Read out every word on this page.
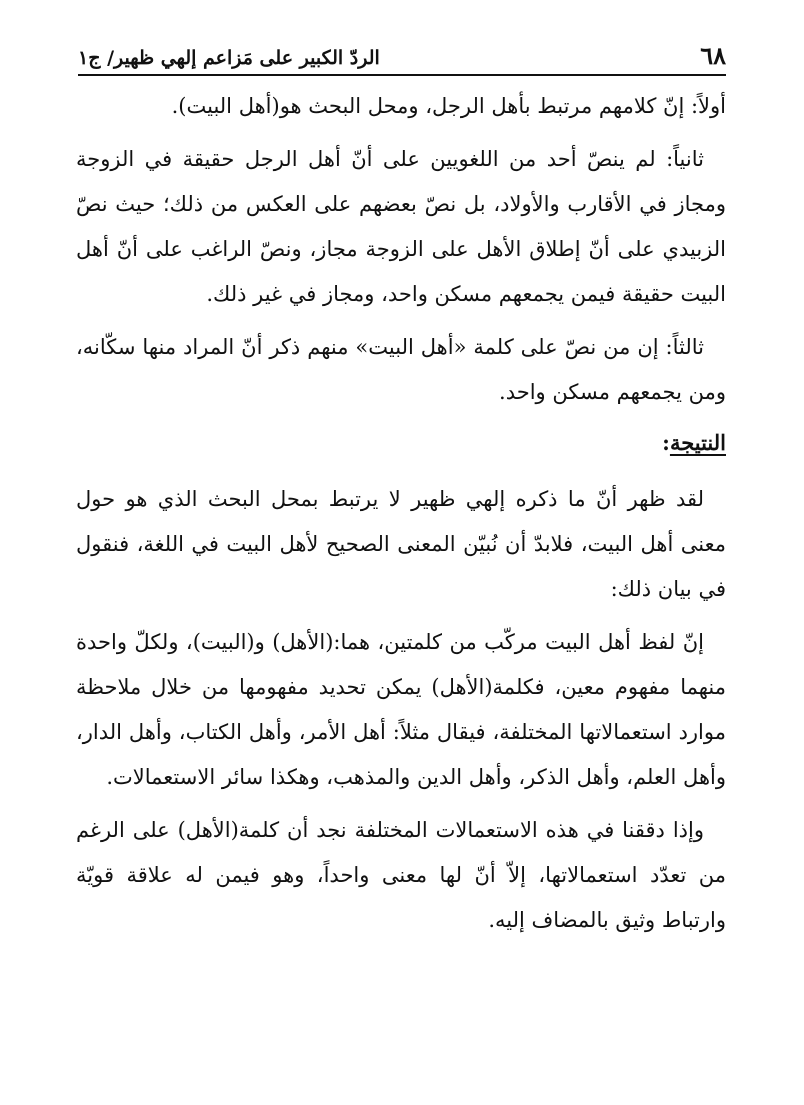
٦٨
الردّ الكبير على مَزاعم إلهي ظهير/ ج١

أولاً: إنّ كلامهم مرتبط بأهل الرجل، ومحل البحث هو(أهل البيت).

ثانياً: لم ينصّ أحد من اللغويين على أنّ أهل الرجل حقيقة في الزوجة ومجاز في الأقارب والأولاد، بل نصّ بعضهم على العكس من ذلك؛ حيث نصّ الزبيدي على أنّ إطلاق الأهل على الزوجة مجاز، ونصّ الراغب على أنّ أهل البيت حقيقة فيمن يجمعهم مسكن واحد، ومجاز في غير ذلك.

ثالثاً: إن من نصّ على كلمة «أهل البيت» منهم ذكر أنّ المراد منها سكّانه، ومن يجمعهم مسكن واحد.

النتيجة:

لقد ظهر أنّ ما ذكره إلهي ظهير لا يرتبط بمحل البحث الذي هو حول معنى أهل البيت، فلابدّ أن نُبيّن المعنى الصحيح لأهل البيت في اللغة، فنقول في بيان ذلك:

إنّ لفظ أهل البيت مركّب من كلمتين، هما:(الأهل) و(البيت)، ولكلّ واحدة منهما مفهوم معين، فكلمة(الأهل) يمكن تحديد مفهومها من خلال ملاحظة موارد استعمالاتها المختلفة، فيقال مثلاً: أهل الأمر، وأهل الكتاب، وأهل الدار، وأهل العلم، وأهل الذكر، وأهل الدين والمذهب، وهكذا سائر الاستعمالات.

وإذا دققنا في هذه الاستعمالات المختلفة نجد أن كلمة(الأهل) على الرغم من تعدّد استعمالاتها، إلاّ أنّ لها معنى واحداً، وهو فيمن له علاقة قويّة وارتباط وثيق بالمضاف إليه.
